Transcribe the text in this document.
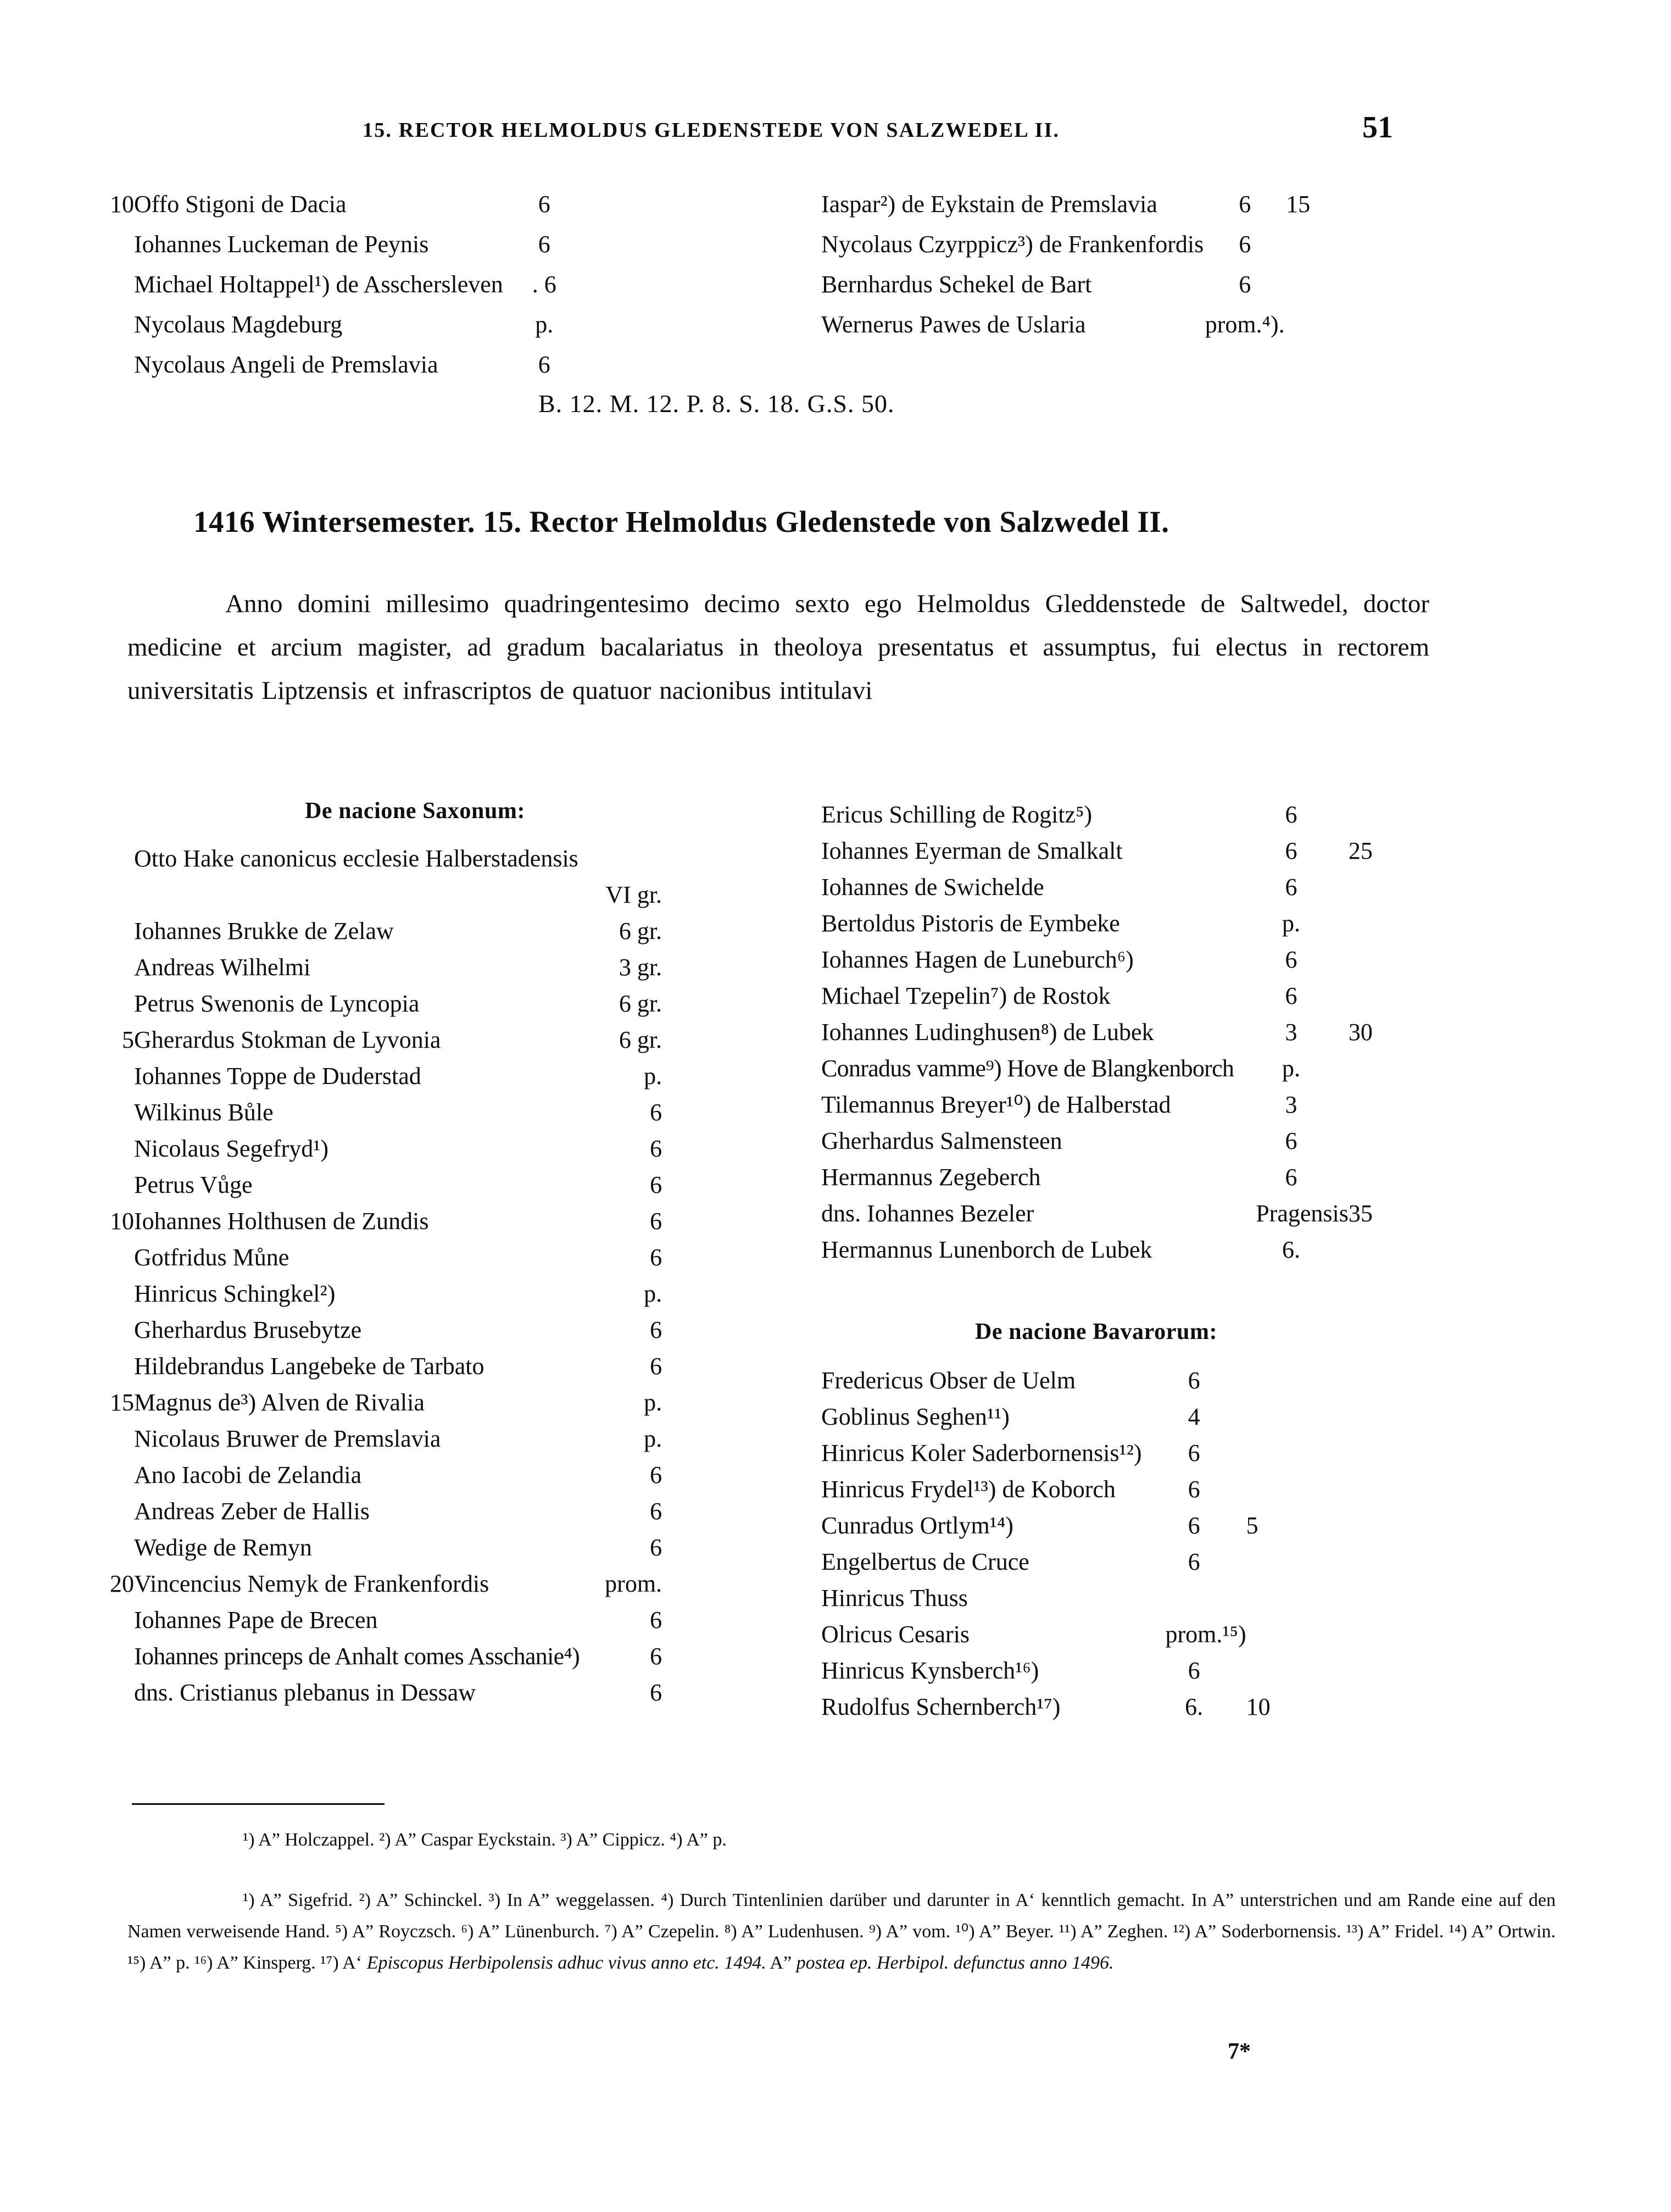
15. RECTOR HELMOLDUS GLEDENSTEDE VON SALZWEDEL II.	51
10	Offo Stigoni de Dacia	6
	Iohannes Luckeman de Peynis	6
	Michael Holtappel¹) de Asschersleven	. 6
	Nycolaus Magdeburg	p.
	Nycolaus Angeli de Premslavia	6
Iaspar²) de Eykstain de Premslavia	6	15
Nycolaus Czyrppicz³) de Frankenfordis	6	
Bernhardus Schekel de Bart	6	
Wernerus Pawes de Uslaria	prom.⁴).	
B. 12. M. 12. P. 8. S. 18. G.S. 50.
1416 Wintersemester. 15. Rector Helmoldus Gledenstede von Salzwedel II.
Anno domini millesimo quadringentesimo decimo sexto ego Helmoldus Gleddenstede de Saltwedel, doctor medicine et arcium magister, ad gradum bacalariatus in theoloya presentatus et assumptus, fui electus in rectorem universitatis Liptzensis et infrascriptos de quatuor nacionibus intitulavi
De nacione Saxonum:
De nacione Bavarorum:
	Otto Hake canonicus ecclesie Halberstadensis	
		VI gr.
	Iohannes Brukke de Zelaw	6 gr.
	Andreas Wilhelmi	3 gr.
	Petrus Swenonis de Lyncopia	6 gr.
5	Gherardus Stokman de Lyvonia	6 gr.
	Iohannes Toppe de Duderstad	p.
	Wilkinus Bůle	6
	Nicolaus Segefryd¹)	6
	Petrus Vůge	6
10	Iohannes Holthusen de Zundis	6
	Gotfridus Můne	6
	Hinricus Schingkel²)	p.
	Gherhardus Brusebytze	6
	Hildebrandus Langebeke de Tarbato	6
15	Magnus de³) Alven de Rivalia	p.
	Nicolaus Bruwer de Premslavia	p.
	Ano Iacobi de Zelandia	6
	Andreas Zeber de Hallis	6
	Wedige de Remyn	6
20	Vincencius Nemyk de Frankenfordis	prom.
	Iohannes Pape de Brecen	6
	Iohannes princeps de Anhalt comes Asschanie⁴)	6
	dns. Cristianus plebanus in Dessaw	6
Ericus Schilling de Rogitz⁵)	6	
Iohannes Eyerman de Smalkalt	6	25
Iohannes de Swichelde	6	
Bertoldus Pistoris de Eymbeke	p.	
Iohannes Hagen de Luneburch⁶)	6	
Michael Tzepelin⁷) de Rostok	6	
Iohannes Ludinghusen⁸) de Lubek	3	30
Conradus vamme⁹) Hove de Blangkenborch	p.	
Tilemannus Breyer¹⁰) de Halberstad	3	
Gherhardus Salmensteen	6	
Hermannus Zegeberch	6	
dns. Iohannes Bezeler	Pragensis	35
Hermannus Lunenborch de Lubek	6.	
Fredericus Obser de Uelm	6	
Goblinus Seghen¹¹)	4	
Hinricus Koler Saderbornensis¹²)	6	
Hinricus Frydel¹³) de Koborch	6	
Cunradus Ortlym¹⁴)	6	5
Engelbertus de Cruce	6	
Hinricus Thuss		
Olricus Cesaris	prom.¹⁵)	
Hinricus Kynsberch¹⁶)	6	
Rudolfus Schernberch¹⁷)	6.	10
¹) A” Holczappel. ²) A” Caspar Eyckstain. ³) A” Cippicz. ⁴) A” p.
¹) A” Sigefrid. ²) A” Schinckel. ³) In A” weggelassen. ⁴) Durch Tintenlinien darüber und darunter in A‘ kenntlich gemacht. In A” unterstrichen und am Rande eine auf den Namen verweisende Hand. ⁵) A” Royczsch. ⁶) A” Lünenburch. ⁷) A” Czepelin. ⁸) A” Ludenhusen. ⁹) A” vom. ¹⁰) A” Beyer. ¹¹) A” Zeghen. ¹²) A” Soderbornensis. ¹³) A” Fridel. ¹⁴) A” Ortwin. ¹⁵) A” p. ¹⁶) A” Kinsperg. ¹⁷) A‘ Episcopus Herbipolensis adhuc vivus anno etc. 1494. A” postea ep. Herbipol. defunctus anno 1496.
7*
